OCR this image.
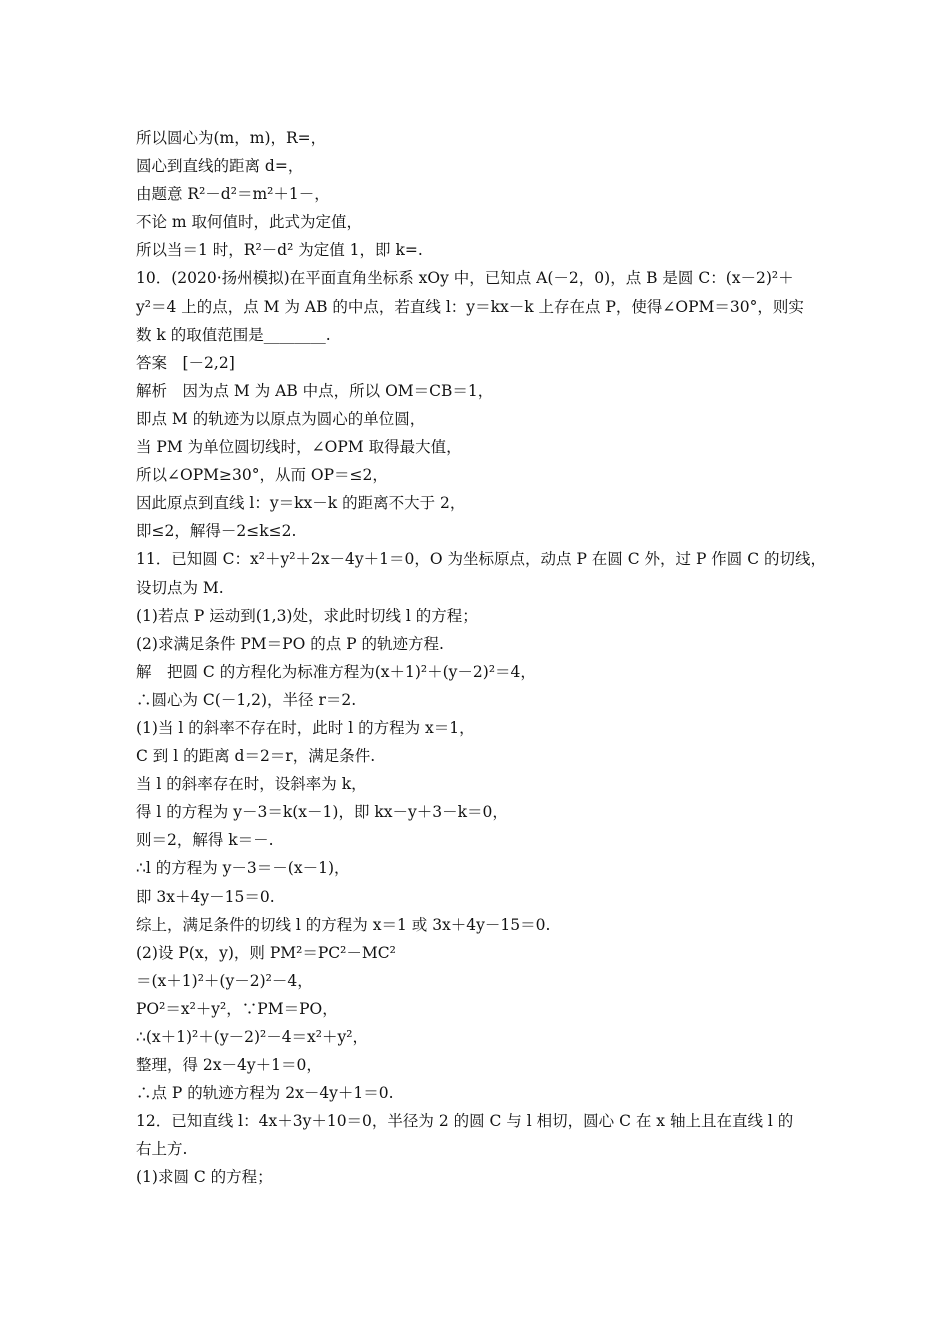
所以圆心为(m，m)，R=，
圆心到直线的距离 d=，
由题意 R²－d²＝m²＋1－，
不论 m 取何值时，此式为定值，
所以当＝1 时，R²－d² 为定值 1，即 k=.
10．(2020·扬州模拟)在平面直角坐标系 xOy 中，已知点 A(－2，0)，点 B 是圆 C：(x－2)²＋
y²＝4 上的点，点 M 为 AB 的中点，若直线 l：y＝kx－k 上存在点 P，使得∠OPM＝30°，则实
数 k 的取值范围是________.
答案　[－2,2]
解析　因为点 M 为 AB 中点，所以 OM＝CB＝1，
即点 M 的轨迹为以原点为圆心的单位圆，
当 PM 为单位圆切线时，∠OPM 取得最大值，
所以∠OPM≥30°，从而 OP＝≤2，
因此原点到直线 l：y＝kx－k 的距离不大于 2，
即≤2，解得－2≤k≤2.
11．已知圆 C：x²＋y²＋2x－4y＋1＝0，O 为坐标原点，动点 P 在圆 C 外，过 P 作圆 C 的切线，
设切点为 M.
(1)若点 P 运动到(1,3)处，求此时切线 l 的方程；
(2)求满足条件 PM＝PO 的点 P 的轨迹方程.
解　把圆 C 的方程化为标准方程为(x＋1)²＋(y－2)²＝4，
∴圆心为 C(－1,2)，半径 r＝2.
(1)当 l 的斜率不存在时，此时 l 的方程为 x＝1，
C 到 l 的距离 d＝2＝r，满足条件.
当 l 的斜率存在时，设斜率为 k，
得 l 的方程为 y－3＝k(x－1)，即 kx－y＋3－k＝0，
则＝2，解得 k＝－.
∴l 的方程为 y－3＝－(x－1)，
即 3x＋4y－15＝0.
综上，满足条件的切线 l 的方程为 x＝1 或 3x＋4y－15＝0.
(2)设 P(x，y)，则 PM²＝PC²－MC²
＝(x＋1)²＋(y－2)²－4，
PO²＝x²＋y²，∵PM＝PO，
∴(x＋1)²＋(y－2)²－4＝x²＋y²，
整理，得 2x－4y＋1＝0，
∴点 P 的轨迹方程为 2x－4y＋1＝0.
12．已知直线 l：4x＋3y＋10＝0，半径为 2 的圆 C 与 l 相切，圆心 C 在 x 轴上且在直线 l 的
右上方.
(1)求圆 C 的方程；
